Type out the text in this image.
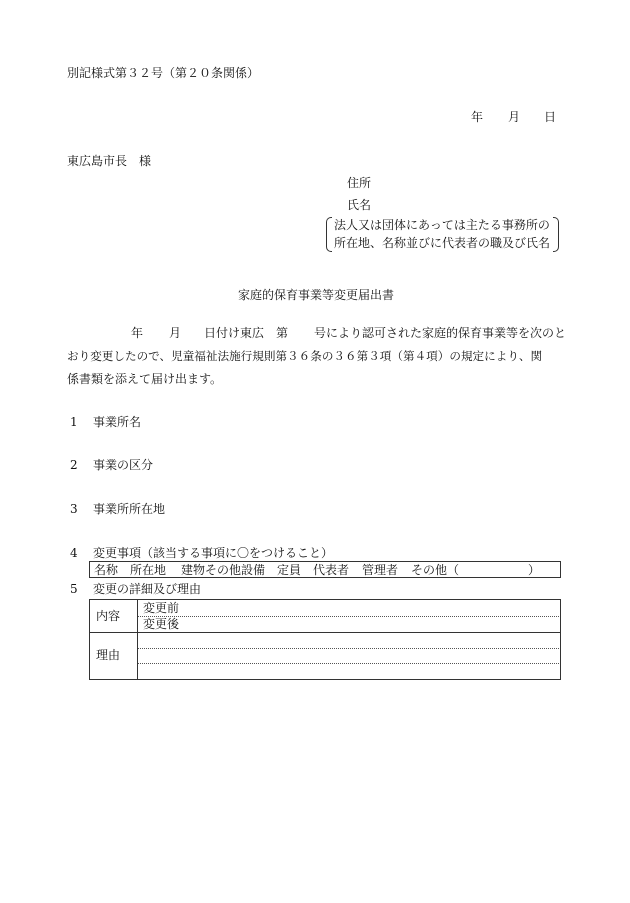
別記様式第３２号（第２０条関係）
年 月 日
東広島市長　様
住所
氏名
法人又は団体にあっては主たる事務所の
所在地、名称並びに代表者の職及び氏名
家庭的保育事業等変更届出書
年 月 日付け東広 第 号により認可された家庭的保育事業等を次のと
おり変更したので、児童福祉法施行規則第３６条の３６第３項（第４項）の規定により、関
係書類を添えて届け出ます。
1 事業所名
2 事業の区分
3 事業所所在地
4 変更事項（該当する事項に〇をつけること）
名称 所在地 建物その他設備 定員 代表者 管理者 その他（	）
5 変更の詳細及び理由
内容
変更前
変更後
理由
